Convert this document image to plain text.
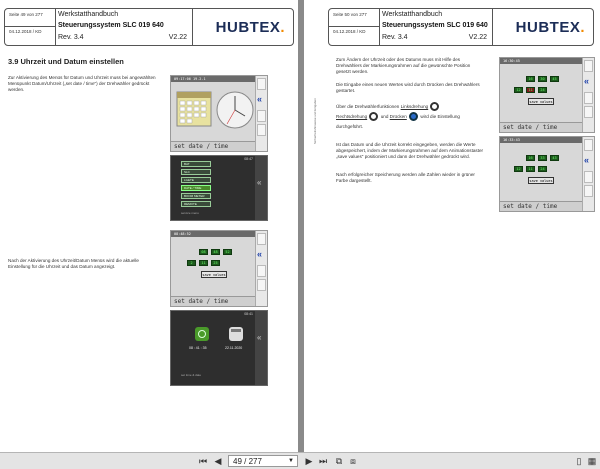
Seite 49 von 277
04.12.2018 / KD
Werkstatthandbuch
Steuerungssystem SLC 019 640
Rev. 3.4	V2.22
HUBTEX.
3.9 Uhrzeit und Datum einstellen
Zur Aktivierung des Menüs für Datum und Uhrzeit muss bei angewählten Menüpunkt Datum/Uhrzeit („set date / time") der Drehwähler gedrückt werden.
09:17:06 19.2.1
«
set date / time
08:47
BAT
SLC
LGETE
DATE / TIME
BOOM METER
REMOTE
service menu
«
Nach der Aktivierung des Uhrzeit/Datum Menüs wird die aktuelle Einstellung für die Uhrzeit und das Datum angezeigt.
08:48:52
08	48	52
2	11	25
save values
«
set date / time
08:41
08 : 41 : 35	22.11.2020
set time & date
«
Seite 50 von 277
04.12.2018 / KD
Werkstatthandbuch
Steuerungssystem SLC 019 640
Rev. 3.4	V2.22
HUBTEX.
Sicherheitshinweise und Eingaben
Zum Ändern der Uhrzeit oder des Datums muss mit Hilfe des Drehwählers der Markierungsrahmen auf die gewünschte Position gesetzt werden.
Die Eingabe eines neuen Wertes wird durch Drücken des Drehwählers gestartet.
Über die Drehwählerfunktionen Linksdrehung
Rechtsdrehung	und Drücken	wird die Einstellung durchgeführt.
Ist das Datum und die Uhrzeit korrekt eingegeben, werden die Werte abgespeichert, indem der Markierungsrahmen auf dem Animationstaster „save values" positioniert und dann der Drehwähler gedrückt wird.
Nach erfolgreicher Speicherung werden alle Zahlen wieder in grüner Farbe dargestellt.
16:30:45
16	30	45
12	11	24
save values
«
set date / time
16:33:43
16	33	43
12	11	24
save values
«
set date / time
⏮ ◀	49 / 277	▼ ▶ ⏭ ⧉ ⧈	▯ ▦
